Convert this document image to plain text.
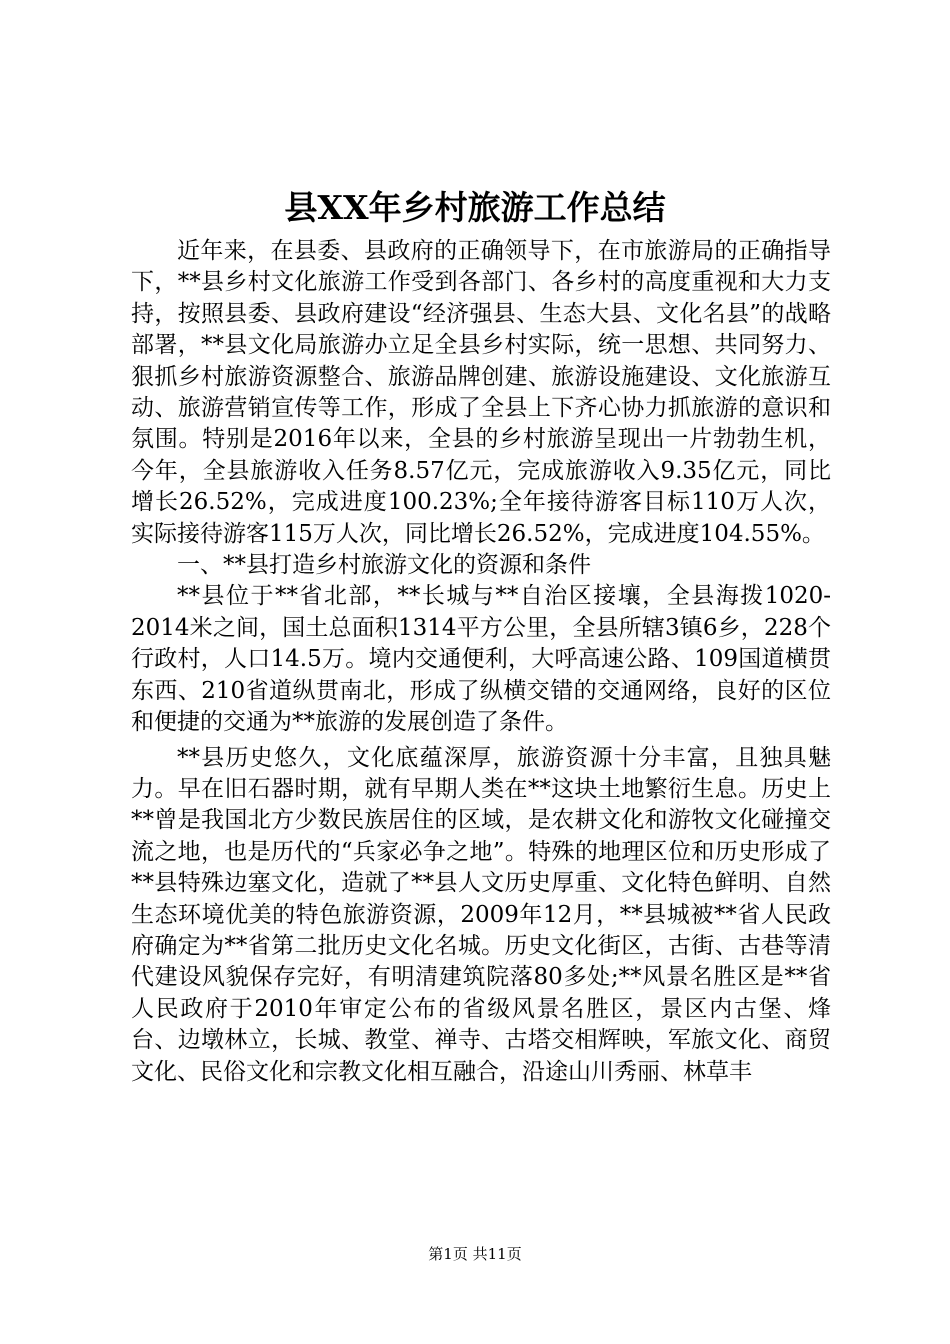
县XX年乡村旅游工作总结

近年来，在县委、县政府的正确领导下，在市旅游局的正确指导下，**县乡村文化旅游工作受到各部门、各乡村的高度重视和大力支持，按照县委、县政府建设“经济强县、生态大县、文化名县”的战略部署，**县文化局旅游办立足全县乡村实际，统一思想、共同努力、狠抓乡村旅游资源整合、旅游品牌创建、旅游设施建设、文化旅游互动、旅游营销宣传等工作，形成了全县上下齐心协力抓旅游的意识和氛围。特别是2016年以来，全县的乡村旅游呈现出一片勃勃生机，今年，全县旅游收入任务8.57亿元，完成旅游收入9.35亿元，同比增长26.52%，完成进度100.23%;全年接待游客目标110万人次，实际接待游客115万人次，同比增长26.52%，完成进度104.55%。

一、**县打造乡村旅游文化的资源和条件

**县位于**省北部，**长城与**自治区接壤，全县海拨1020-2014米之间，国土总面积1314平方公里，全县所辖3镇6乡，228个行政村，人口14.5万。境内交通便利，大呼高速公路、109国道横贯东西、210省道纵贯南北，形成了纵横交错的交通网络，良好的区位和便捷的交通为**旅游的发展创造了条件。

**县历史悠久，文化底蕴深厚，旅游资源十分丰富，且独具魅力。早在旧石器时期，就有早期人类在**这块土地繁衍生息。历史上**曾是我国北方少数民族居住的区域，是农耕文化和游牧文化碰撞交流之地，也是历代的“兵家必争之地”。特殊的地理区位和历史形成了**县特殊边塞文化，造就了**县人文历史厚重、文化特色鲜明、自然生态环境优美的特色旅游资源，2009年12月，**县城被**省人民政府确定为**省第二批历史文化名城。历史文化街区，古街、古巷等清代建设风貌保存完好，有明清建筑院落80多处;**风景名胜区是**省人民政府于2010年审定公布的省级风景名胜区，景区内古堡、烽台、边墩林立，长城、教堂、禅寺、古塔交相辉映，军旅文化、商贸文化、民俗文化和宗教文化相互融合，沿途山川秀丽、林草丰

第1页 共11页
